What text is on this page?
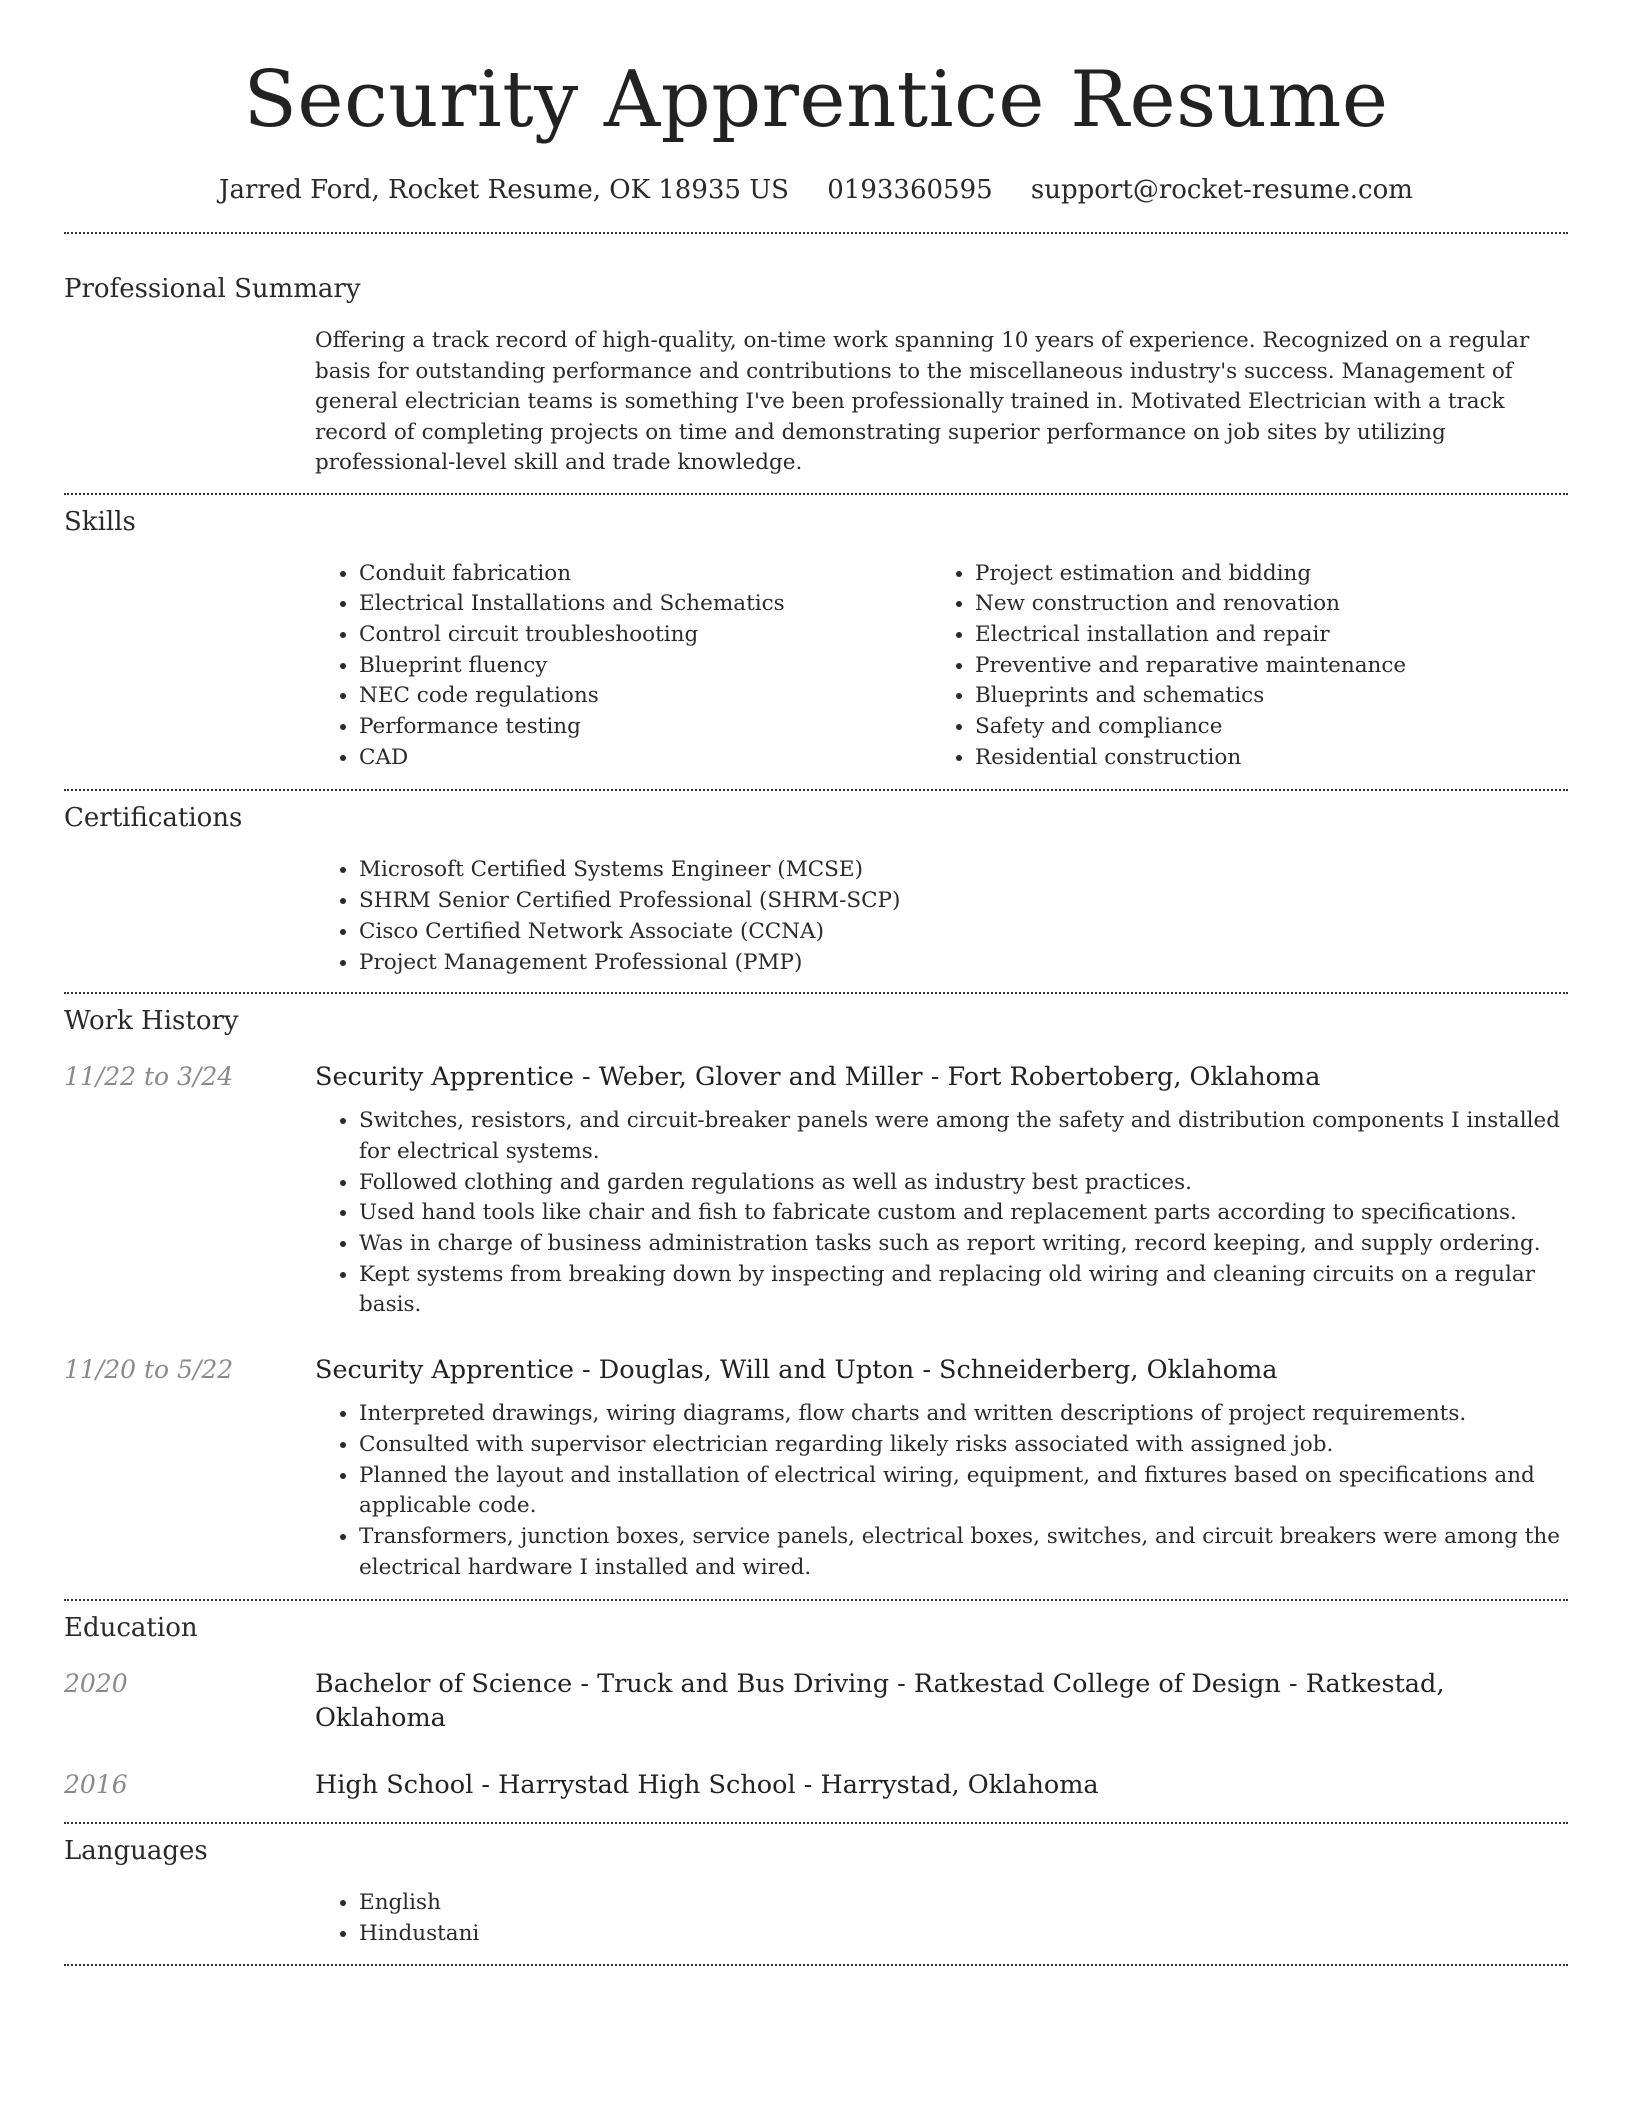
Security Apprentice Resume
Jarred Ford, Rocket Resume, OK 18935 US 0193360595 support@rocket-resume.com
Professional Summary

Offering a track record of high-quality, on-time work spanning 10 years of experience. Recognized on a regular basis for outstanding performance and contributions to the miscellaneous industry's success. Management of general electrician teams is something I've been professionally trained in. Motivated Electrician with a track record of completing projects on time and demonstrating superior performance on job sites by utilizing professional-level skill and trade knowledge.

Skills
• Conduit fabrication
• Electrical Installations and Schematics
• Control circuit troubleshooting
• Blueprint fluency
• NEC code regulations
• Performance testing
• CAD
• Project estimation and bidding
• New construction and renovation
• Electrical installation and repair
• Preventive and reparative maintenance
• Blueprints and schematics
• Safety and compliance
• Residential construction
Certifications
• Microsoft Certified Systems Engineer (MCSE)
• SHRM Senior Certified Professional (SHRM-SCP)
• Cisco Certified Network Associate (CCNA)
• Project Management Professional (PMP)
Work History
11/22 to 3/24	Security Apprentice - Weber, Glover and Miller - Fort Robertoberg, Oklahoma
• Switches, resistors, and circuit-breaker panels were among the safety and distribution components I installed for electrical systems.
• Followed clothing and garden regulations as well as industry best practices.
• Used hand tools like chair and fish to fabricate custom and replacement parts according to specifications.
• Was in charge of business administration tasks such as report writing, record keeping, and supply ordering.
• Kept systems from breaking down by inspecting and replacing old wiring and cleaning circuits on a regular basis.
11/20 to 5/22	Security Apprentice - Douglas, Will and Upton - Schneiderberg, Oklahoma
• Interpreted drawings, wiring diagrams, flow charts and written descriptions of project requirements.
• Consulted with supervisor electrician regarding likely risks associated with assigned job.
• Planned the layout and installation of electrical wiring, equipment, and fixtures based on specifications and applicable code.
• Transformers, junction boxes, service panels, electrical boxes, switches, and circuit breakers were among the electrical hardware I installed and wired.
Education
2020	Bachelor of Science - Truck and Bus Driving - Ratkestad College of Design - Ratkestad, Oklahoma
2016	High School - Harrystad High School - Harrystad, Oklahoma
Languages
• English
• Hindustani
